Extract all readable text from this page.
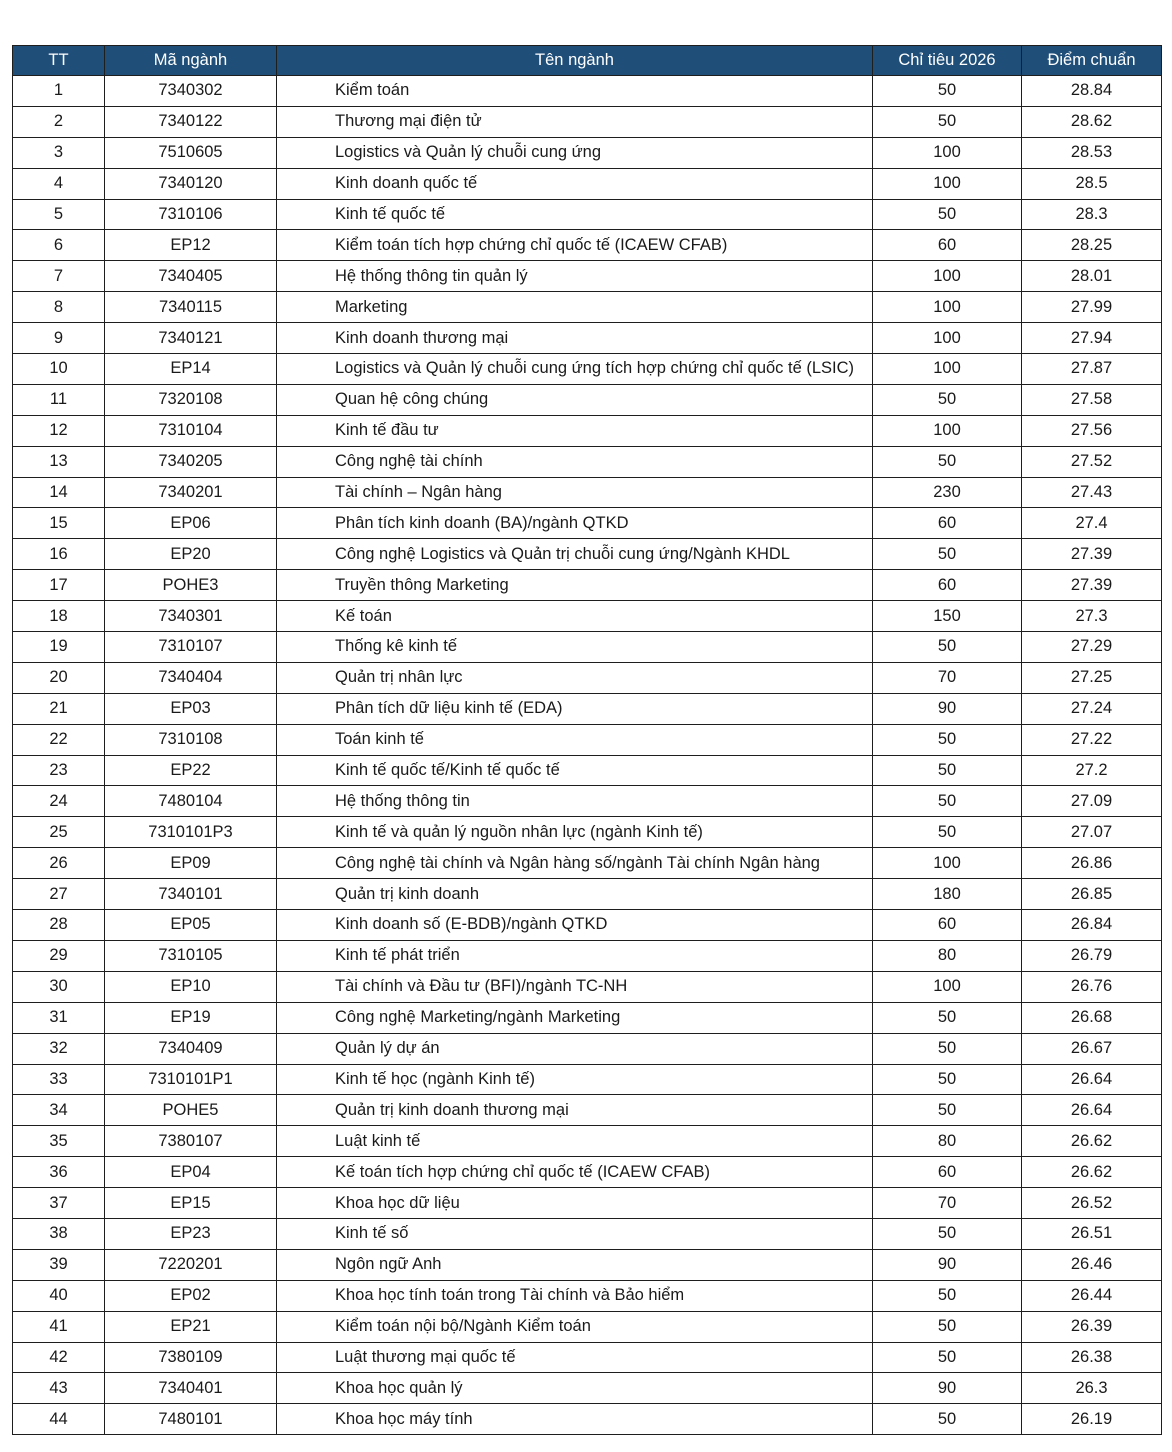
TT	Mã ngành	Tên ngành	Chỉ tiêu 2026	Điểm chuẩn
1	7340302	Kiểm toán	50	28.84
2	7340122	Thương mại điện tử	50	28.62
3	7510605	Logistics và Quản lý chuỗi cung ứng	100	28.53
4	7340120	Kinh doanh quốc tế	100	28.5
5	7310106	Kinh tế quốc tế	50	28.3
6	EP12	Kiểm toán tích hợp chứng chỉ quốc tế (ICAEW CFAB)	60	28.25
7	7340405	Hệ thống thông tin quản lý	100	28.01
8	7340115	Marketing	100	27.99
9	7340121	Kinh doanh thương mại	100	27.94
10	EP14	Logistics và Quản lý chuỗi cung ứng tích hợp chứng chỉ quốc tế (LSIC)	100	27.87
11	7320108	Quan hệ công chúng	50	27.58
12	7310104	Kinh tế đầu tư	100	27.56
13	7340205	Công nghệ tài chính	50	27.52
14	7340201	Tài chính – Ngân hàng	230	27.43
15	EP06	Phân tích kinh doanh (BA)/ngành QTKD	60	27.4
16	EP20	Công nghệ Logistics và Quản trị chuỗi cung ứng/Ngành KHDL	50	27.39
17	POHE3	Truyền thông Marketing	60	27.39
18	7340301	Kế toán	150	27.3
19	7310107	Thống kê kinh tế	50	27.29
20	7340404	Quản trị nhân lực	70	27.25
21	EP03	Phân tích dữ liệu kinh tế (EDA)	90	27.24
22	7310108	Toán kinh tế	50	27.22
23	EP22	Kinh tế quốc tế/Kinh tế quốc tế	50	27.2
24	7480104	Hệ thống thông tin	50	27.09
25	7310101P3	Kinh tế và quản lý nguồn nhân lực (ngành Kinh tế)	50	27.07
26	EP09	Công nghệ tài chính và Ngân hàng số/ngành Tài chính Ngân hàng	100	26.86
27	7340101	Quản trị kinh doanh	180	26.85
28	EP05	Kinh doanh số (E-BDB)/ngành QTKD	60	26.84
29	7310105	Kinh tế phát triển	80	26.79
30	EP10	Tài chính và Đầu tư (BFI)/ngành TC-NH	100	26.76
31	EP19	Công nghệ Marketing/ngành Marketing	50	26.68
32	7340409	Quản lý dự án	50	26.67
33	7310101P1	Kinh tế học (ngành Kinh tế)	50	26.64
34	POHE5	Quản trị kinh doanh thương mại	50	26.64
35	7380107	Luật kinh tế	80	26.62
36	EP04	Kế toán tích hợp chứng chỉ quốc tế (ICAEW CFAB)	60	26.62
37	EP15	Khoa học dữ liệu	70	26.52
38	EP23	Kinh tế số	50	26.51
39	7220201	Ngôn ngữ Anh	90	26.46
40	EP02	Khoa học tính toán trong Tài chính và Bảo hiểm	50	26.44
41	EP21	Kiểm toán nội bộ/Ngành Kiểm toán	50	26.39
42	7380109	Luật thương mại quốc tế	50	26.38
43	7340401	Khoa học quản lý	90	26.3
44	7480101	Khoa học máy tính	50	26.19
